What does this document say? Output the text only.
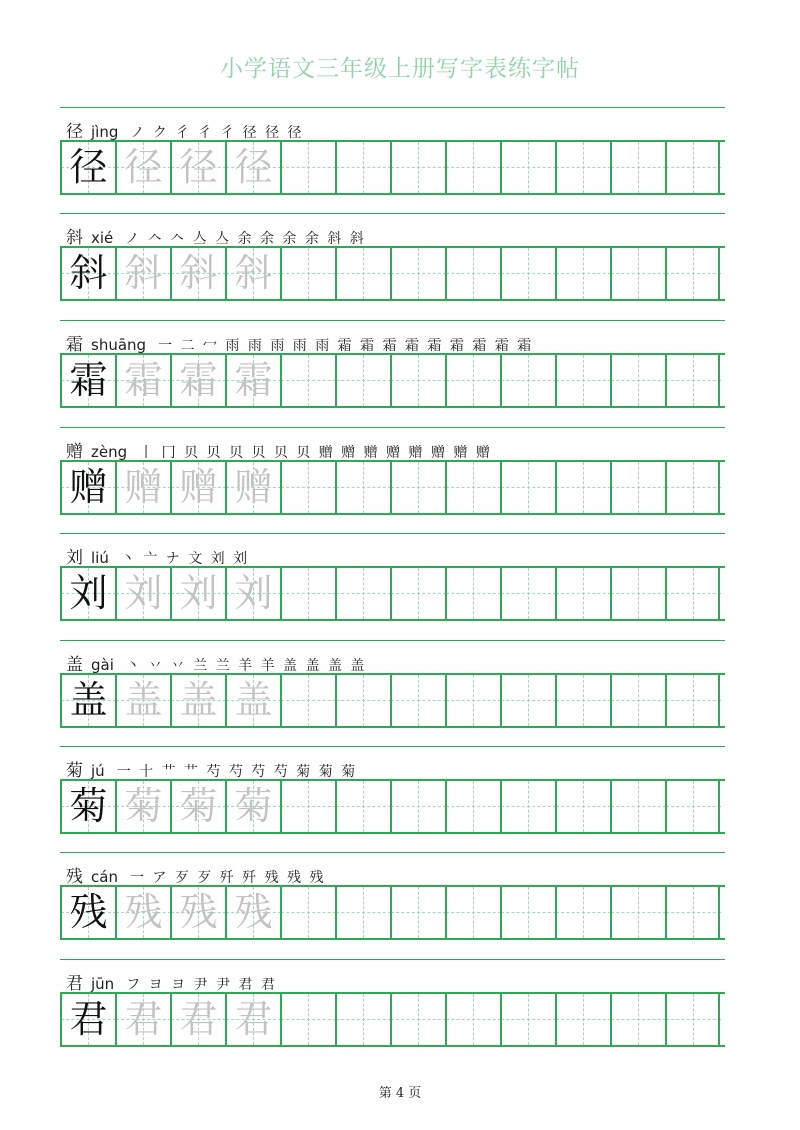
小学语文三年级上册写字表练字帖
径 jìng ノ ク 彳 彳 彳 径 径 径
径 径 径 径
斜 xié ノ 𠆢 𠆢 亼 亼 余 余 余 余 斜 斜
斜 斜 斜 斜
霜 shuāng 一 二 冖 雨 雨 雨 雨 雨 霜 霜 霜 霜 霜 霜 霜 霜 霜
霜 霜 霜 霜
赠 zèng 丨 冂 贝 贝 贝 贝 贝 贝 赠 赠 赠 赠 赠 赠 赠 赠
赠 赠 赠 赠
刘 liú 丶 亠 ナ 文 刘 刘
刘 刘 刘 刘
盖 gài 丶 丷 丷 兰 兰 羊 羊 盖 盖 盖 盖
盖 盖 盖 盖
菊 jú 一 十 艹 艹 芍 芍 芍 芍 菊 菊 菊
菊 菊 菊 菊
残 cán 一 ア 歹 歹 歼 歼 残 残 残
残 残 残 残
君 jūn フ ヨ ヨ 尹 尹 君 君
君 君 君 君
第 4 页
